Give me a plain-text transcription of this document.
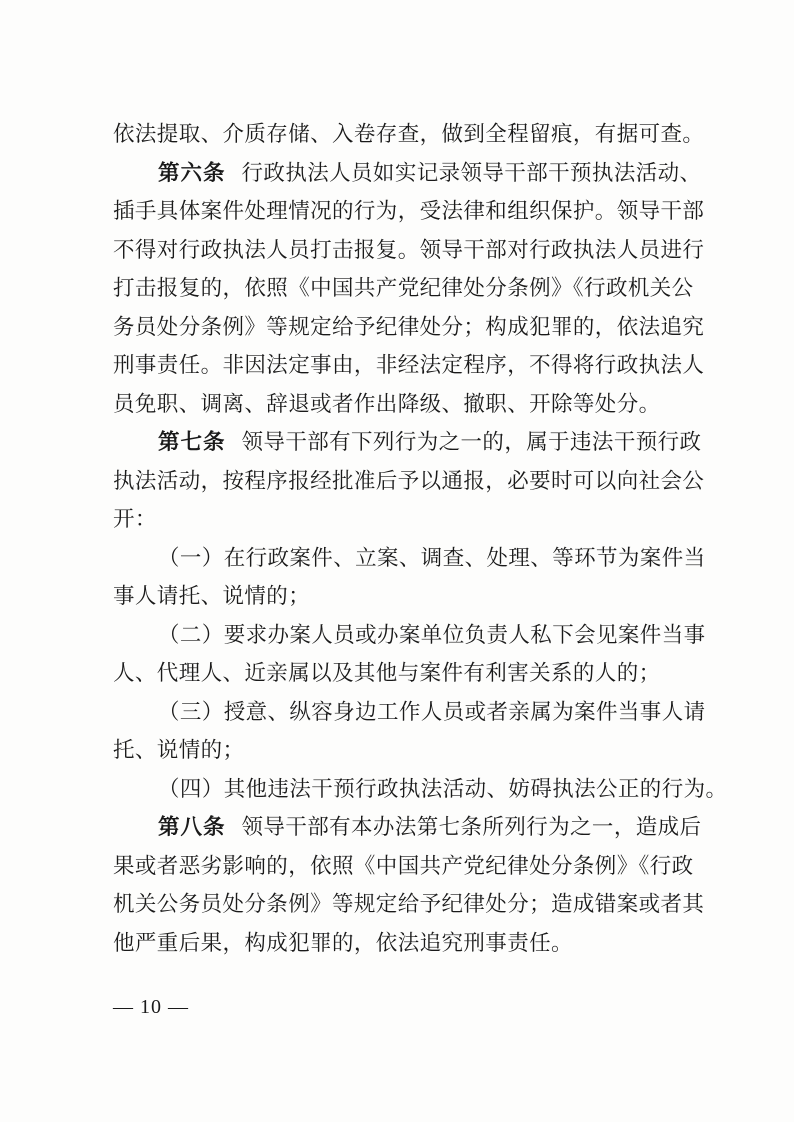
依法提取、介质存储、入卷存查，做到全程留痕，有据可查。
第六条 行政执法人员如实记录领导干部干预执法活动、
插手具体案件处理情况的行为，受法律和组织保护。领导干部
不得对行政执法人员打击报复。领导干部对行政执法人员进行
打击报复的，依照《中国共产党纪律处分条例》《行政机关公
务员处分条例》等规定给予纪律处分；构成犯罪的，依法追究
刑事责任。非因法定事由，非经法定程序，不得将行政执法人
员免职、调离、辞退或者作出降级、撤职、开除等处分。
第七条 领导干部有下列行为之一的，属于违法干预行政
执法活动，按程序报经批准后予以通报，必要时可以向社会公
开：
（一）在行政案件、立案、调查、处理、等环节为案件当
事人请托、说情的；
（二）要求办案人员或办案单位负责人私下会见案件当事
人、代理人、近亲属以及其他与案件有利害关系的人的；
（三）授意、纵容身边工作人员或者亲属为案件当事人请
托、说情的；
（四）其他违法干预行政执法活动、妨碍执法公正的行为。
第八条 领导干部有本办法第七条所列行为之一，造成后
果或者恶劣影响的，依照《中国共产党纪律处分条例》《行政
机关公务员处分条例》等规定给予纪律处分；造成错案或者其
他严重后果，构成犯罪的，依法追究刑事责任。
— 10 —
